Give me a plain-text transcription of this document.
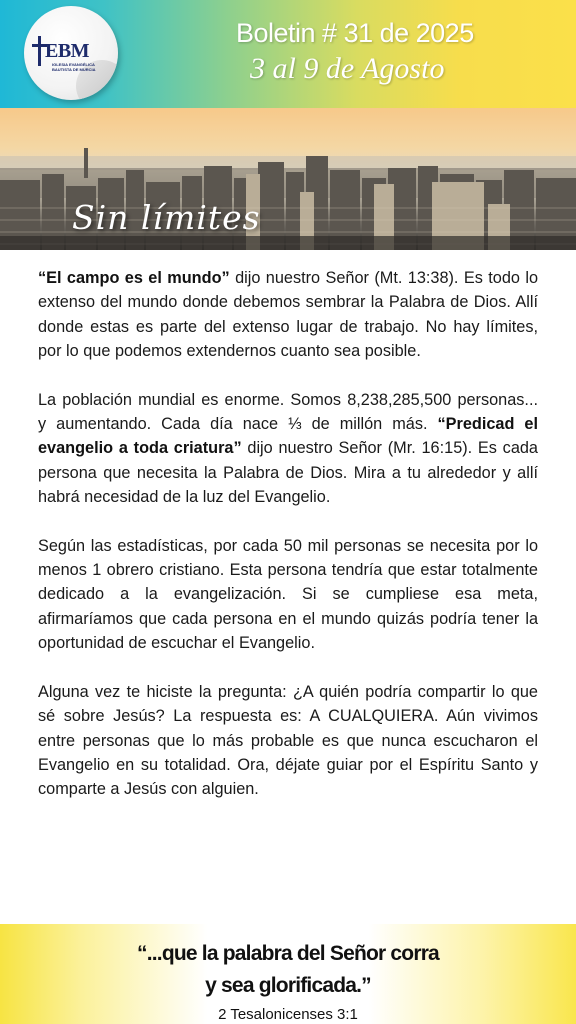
EBM
IGLESIA EVANGÉLICA BAUTISTA DE MURCIA
Boletin # 31 de 2025
3 al 9 de Agosto
Sin límites

“El campo es el mundo” dijo nuestro Señor (Mt. 13:38). Es todo lo extenso del mundo donde debemos sembrar la Palabra de Dios. Allí donde estas es parte del extenso lugar de trabajo. No hay límites, por lo que podemos extendernos cuanto sea posible.

La población mundial es enorme. Somos 8,238,285,500 personas... y aumentando. Cada día nace ⅓ de millón más. “Predicad el evangelio a toda criatura” dijo nuestro Señor (Mr. 16:15). Es cada persona que necesita la Palabra de Dios. Mira a tu alrededor y allí habrá necesidad de la luz del Evangelio.

Según las estadísticas, por cada 50 mil personas se necesita por lo menos 1 obrero cristiano. Esta persona tendría que estar totalmente dedicado a la evangelización. Si se cumpliese esa meta, afirmaríamos que cada persona en el mundo quizás podría tener la oportunidad de escuchar el Evangelio.

Alguna vez te hiciste la pregunta: ¿A quién podría compartir lo que sé sobre Jesús? La respuesta es: A CUALQUIERA. Aún vivimos entre personas que lo más probable es que nunca escucharon el Evangelio en su totalidad. Ora, déjate guiar por el Espíritu Santo y comparte a Jesús con alguien.

“...que la palabra del Señor corra
y sea glorificada.”
2 Tesalonicenses 3:1
